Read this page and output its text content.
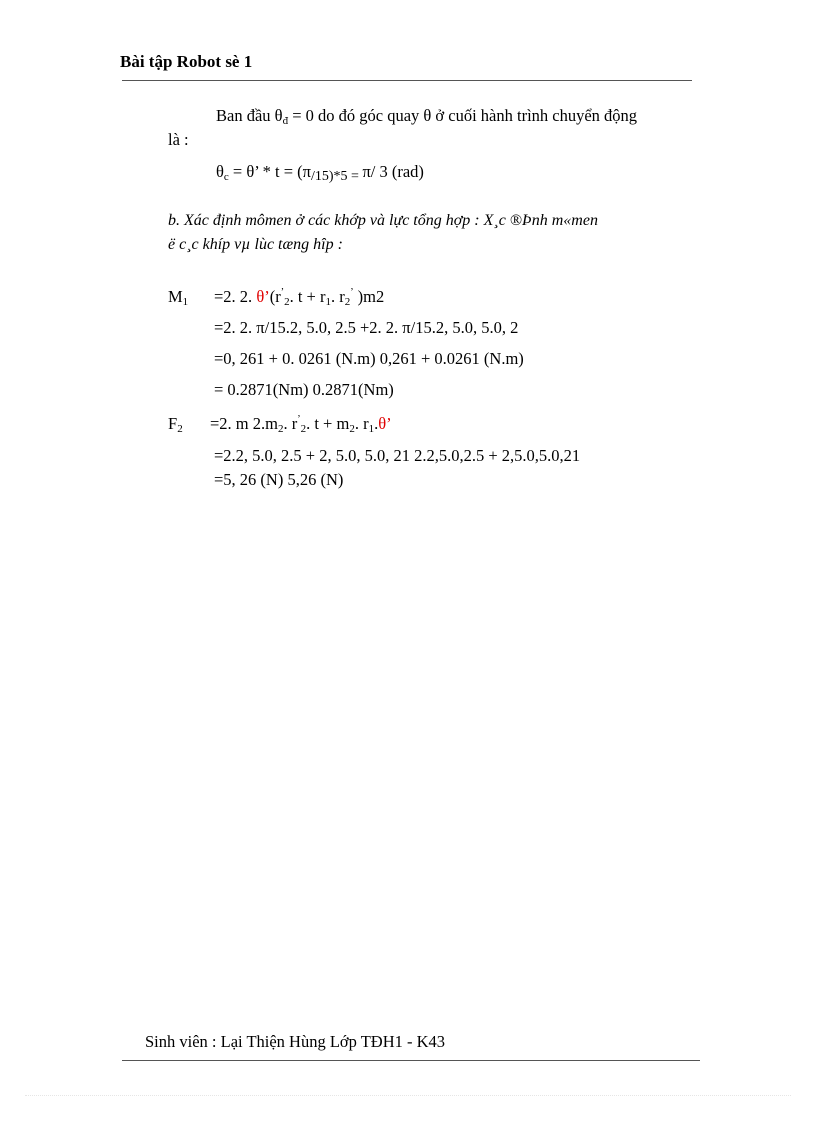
Bài tập Robot sè 1
Ban đầu $\theta_đ = 0$ do đó góc quay θ ở cuối hành trình chuyển động
là :
$\theta_c = \theta$’ * t = (π/15)*5 = π/ 3 (rad)
b. Xác định mômen ở các khớp và lực tổng hợp : X¸c ®Þnh m«men
ë c¸c khíp vµ lùc tæng hîp :
$M_1 =2$. 2. $\theta’(r^’_2$. $t + r_1$. $r_2^’$ )m2
=2. 2. π/15.2, 5.0, 2.5 +2. 2. π/15.2, 5.0, 5.0, 2
=0, 261 + 0. 0261 (N.m) 0,261 + 0.0261 (N.m)
= 0.2871(Nm) 0.2871(Nm)
$F_2 =2$. m $2.m_2$. $r^’_2$. $t + m_2$. $r_1.\theta$’
=2.2, 5.0, 2.5 + 2, 5.0, 5.0, 21 2.2,5.0,2.5 + 2,5.0,5.0,21
=5, 26 (N) 5,26 (N)
Sinh viên : Lại Thiện Hùng Lớp TĐH1 - K43
